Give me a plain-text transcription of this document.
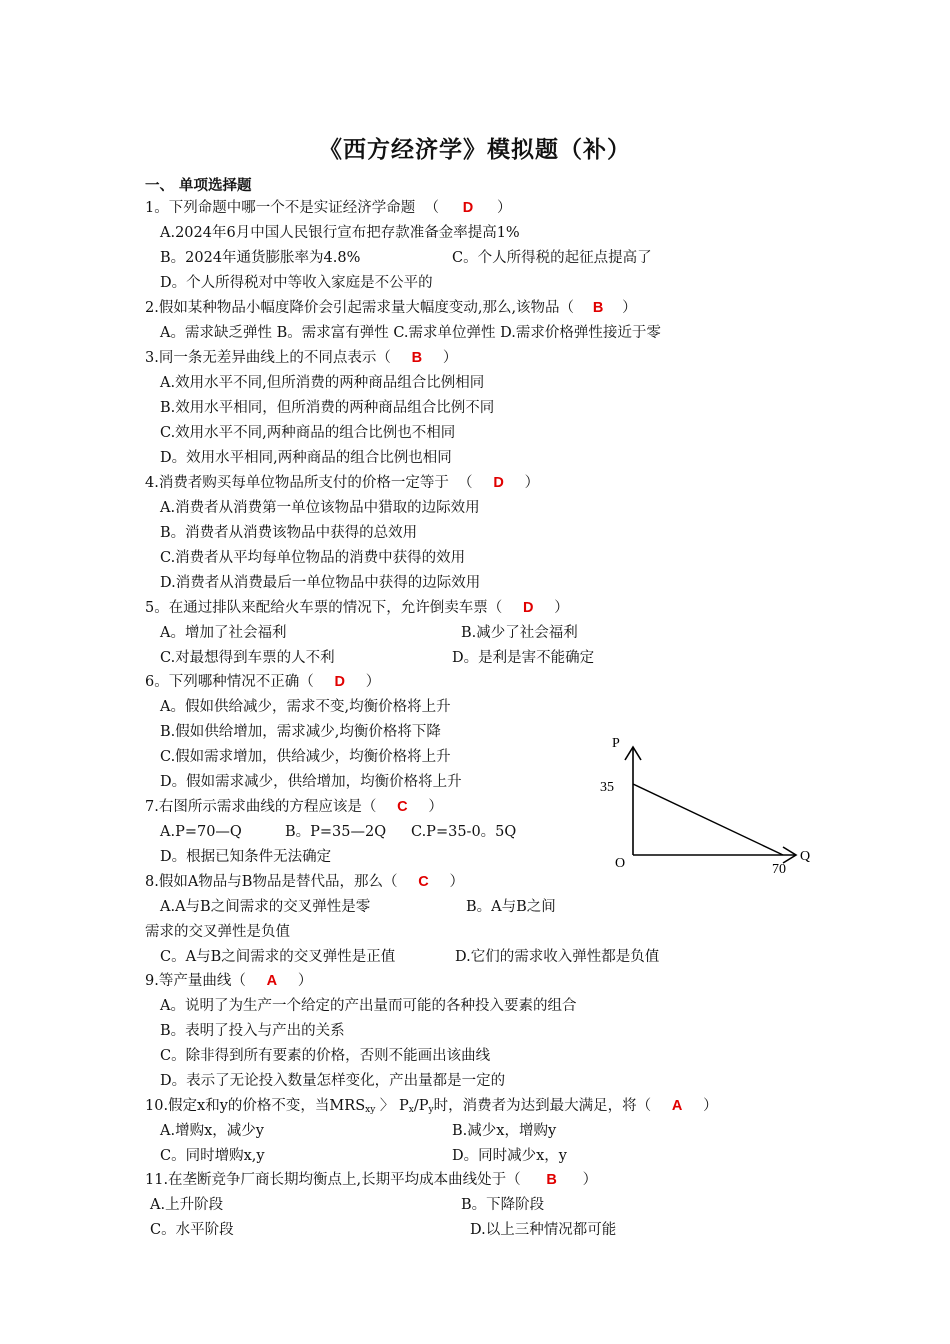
《西方经济学》模拟题（补）
一、 单项选择题
1。下列命题中哪一个不是实证经济学命题  （ D ）
A.2024年6月中国人民银行宣布把存款准备金率提高1%
B。2024年通货膨胀率为4.8%	C。个人所得税的起征点提高了
D。个人所得税对中等收入家庭是不公平的
2.假如某种物品小幅度降价会引起需求量大幅度变动,那么,该物品（ B ）
A。需求缺乏弹性 B。需求富有弹性 C.需求单位弹性 D.需求价格弹性接近于零
3.同一条无差异曲线上的不同点表示（ B ）
A.效用水平不同,但所消费的两种商品组合比例相同
B.效用水平相同，但所消费的两种商品组合比例不同
C.效用水平不同,两种商品的组合比例也不相同
D。效用水平相同,两种商品的组合比例也相同
4.消费者购买每单位物品所支付的价格一定等于  （ D ）
A.消费者从消费第一单位该物品中猎取的边际效用
B。消费者从消费该物品中获得的总效用
C.消费者从平均每单位物品的消费中获得的效用
D.消费者从消费最后一单位物品中获得的边际效用
5。在通过排队来配给火车票的情况下，允许倒卖车票（ D ）
A。增加了社会福利	B.减少了社会福利
C.对最想得到车票的人不利	D。是利是害不能确定
6。下列哪种情况不正确（ D ）
A。假如供给减少，需求不变,均衡价格将上升
B.假如供给增加，需求减少,均衡价格将下降
C.假如需求增加，供给减少，均衡价格将上升
D。假如需求减少，供给增加，均衡价格将上升
7.右图所示需求曲线的方程应该是（ C ）
A.P=70—Q	B。P=35—2Q C.P=35-0。5Q
D。根据已知条件无法确定
8.假如A物品与B物品是替代品，那么（ C ）
A.A与B之间需求的交叉弹性是零	B。A与B之间
需求的交叉弹性是负值
C。A与B之间需求的交叉弹性是正值	D.它们的需求收入弹性都是负值
9.等产量曲线（ A ）
A。说明了为生产一个给定的产出量而可能的各种投入要素的组合
B。表明了投入与产出的关系
C。除非得到所有要素的价格，否则不能画出该曲线
D。表示了无论投入数量怎样变化，产出量都是一定的
10.假定x和y的价格不变，当$MRS_{xy}$ 〉 $P_x/P_y$时，消费者为达到最大满足，将（ A ）
A.增购x，减少y	B.减少x，增购y
C。同时增购x,y	D。同时减少x，y
11.在垄断竞争厂商长期均衡点上,长期平均成本曲线处于（ B ）
A.上升阶段	B。下降阶段
C。水平阶段	D.以上三种情况都可能
P
Q
O
35
70
